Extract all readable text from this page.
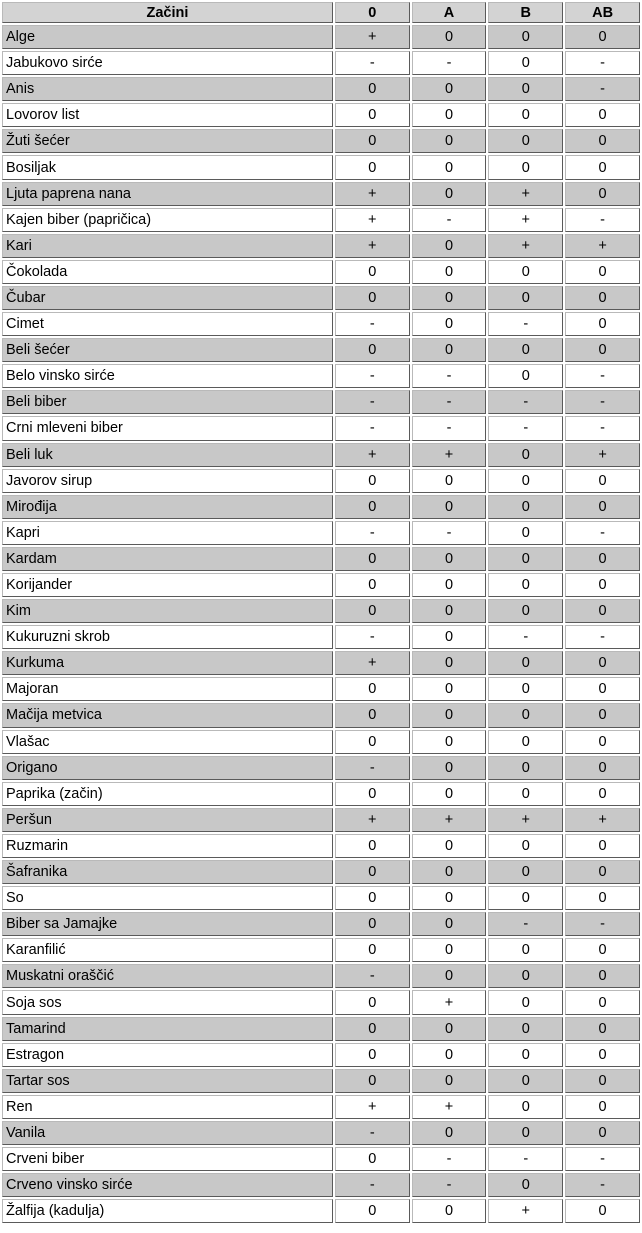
Začini	0	A	B	AB
Alge	+	0	0	0
Jabukovo sirće	-	-	0	-
Anis	0	0	0	-
Lovorov list	0	0	0	0
Žuti šećer	0	0	0	0
Bosiljak	0	0	0	0
Ljuta paprena nana	+	0	+	0
Kajen biber (papričica)	+	-	+	-
Kari	+	0	+	+
Čokolada	0	0	0	0
Čubar	0	0	0	0
Cimet	-	0	-	0
Beli šećer	0	0	0	0
Belo vinsko sirće	-	-	0	-
Beli biber	-	-	-	-
Crni mleveni biber	-	-	-	-
Beli luk	+	+	0	+
Javorov sirup	0	0	0	0
Mirođija	0	0	0	0
Kapri	-	-	0	-
Kardam	0	0	0	0
Korijander	0	0	0	0
Kim	0	0	0	0
Kukuruzni skrob	-	0	-	-
Kurkuma	+	0	0	0
Majoran	0	0	0	0
Mačija metvica	0	0	0	0
Vlašac	0	0	0	0
Origano	-	0	0	0
Paprika (začin)	0	0	0	0
Peršun	+	+	+	+
Ruzmarin	0	0	0	0
Šafranika	0	0	0	0
So	0	0	0	0
Biber sa Jamajke	0	0	-	-
Karanfilić	0	0	0	0
Muskatni oraščić	-	0	0	0
Soja sos	0	+	0	0
Tamarind	0	0	0	0
Estragon	0	0	0	0
Tartar sos	0	0	0	0
Ren	+	+	0	0
Vanila	-	0	0	0
Crveni biber	0	-	-	-
Crveno vinsko sirće	-	-	0	-
Žalfija (kadulja)	0	0	+	0
